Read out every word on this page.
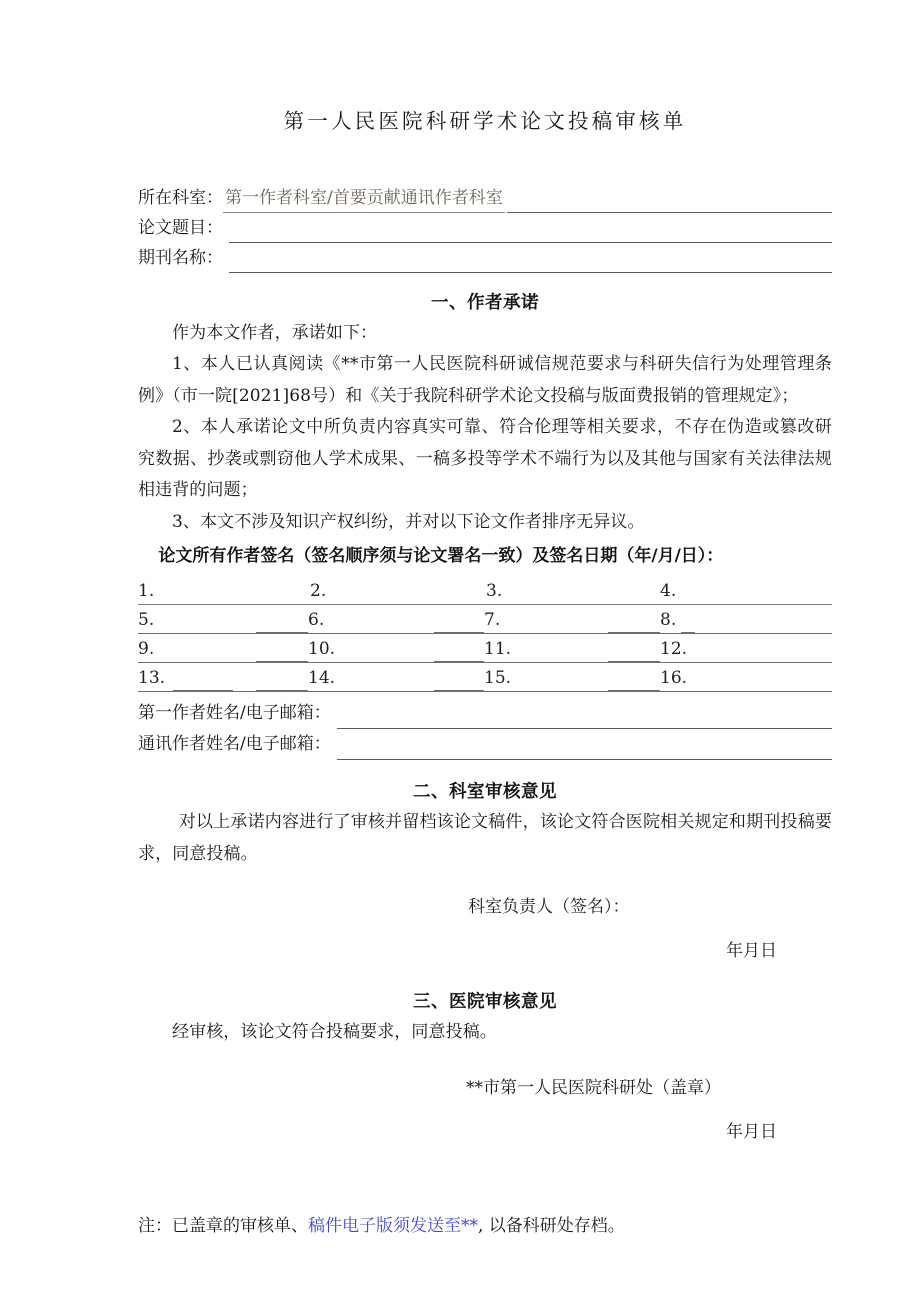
第一人民医院科研学术论文投稿审核单
所在科室： 第一作者科室/首要贡献通讯作者科室
论文题目：
期刊名称：
一、作者承诺

作为本文作者，承诺如下：

1、本人已认真阅读《**市第一人民医院科研诚信规范要求与科研失信行为处理管理条例》（市一院[2021]68号）和《关于我院科研学术论文投稿与版面费报销的管理规定》；

2、本人承诺论文中所负责内容真实可靠、符合伦理等相关要求，不存在伪造或篡改研究数据、抄袭或剽窃他人学术成果、一稿多投等学术不端行为以及其他与国家有关法律法规相违背的问题；

3、本文不涉及知识产权纠纷，并对以下论文作者排序无异议。

论文所有作者签名（签名顺序须与论文署名一致）及签名日期（年/月/日）：
1.	2.	3.	4.
5.	6.	7.	8.
9.	10.	11.	12.
13.	14.	15.	16.
第一作者姓名/电子邮箱：
通讯作者姓名/电子邮箱：
二、科室审核意见

对以上承诺内容进行了审核并留档该论文稿件，该论文符合医院相关规定和期刊投稿要求，同意投稿。

科室负责人（签名）：
年月日
三、医院审核意见

经审核，该论文符合投稿要求，同意投稿。

**市第一人民医院科研处（盖章）
年月日
注：已盖章的审核单、稿件电子版须发送至**, 以备科研处存档。
